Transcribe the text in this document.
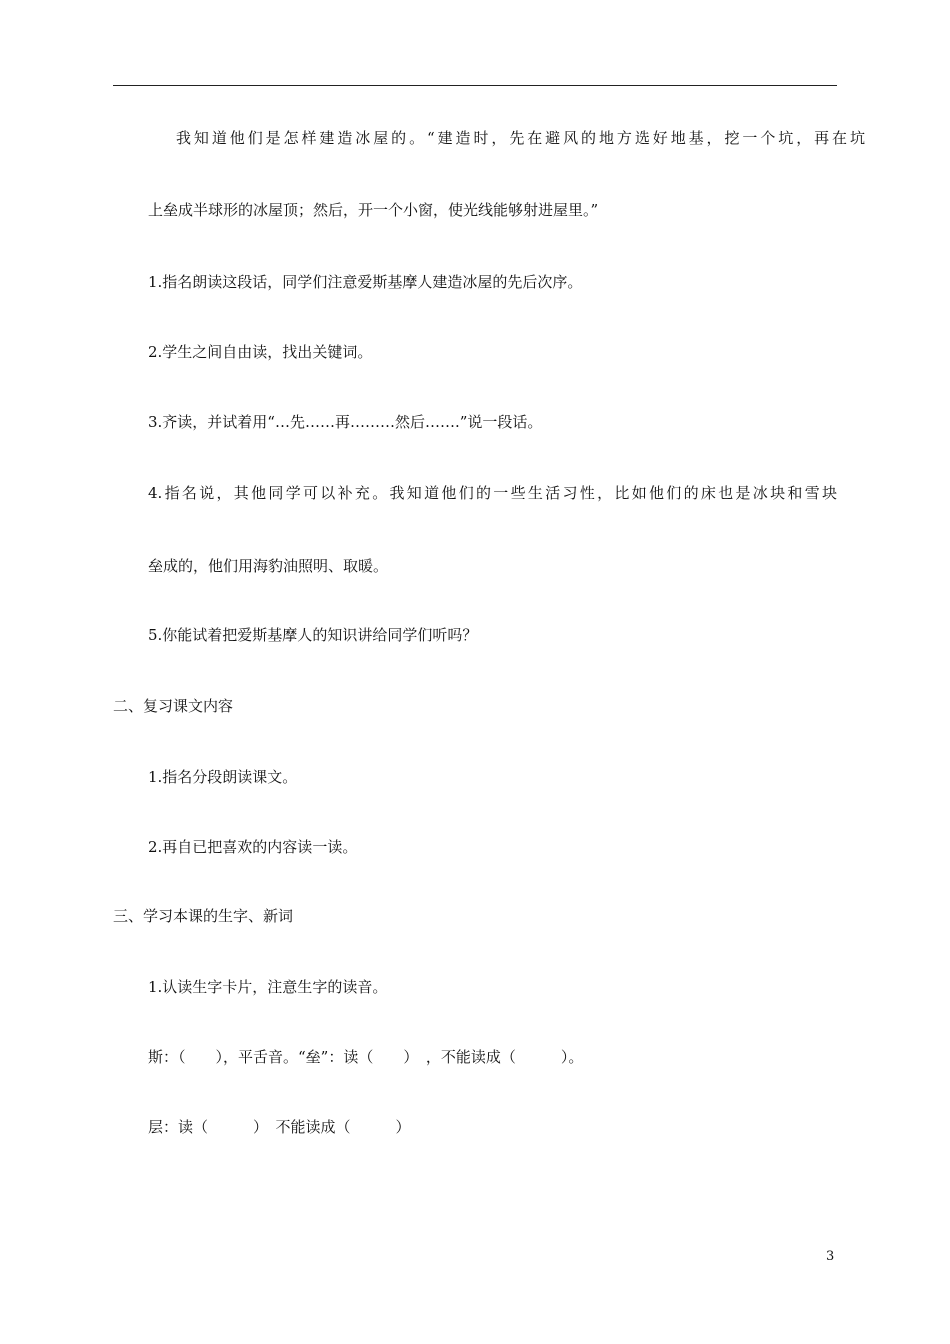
我知道他们是怎样建造冰屋的。“建造时，先在避风的地方选好地基，挖一个坑，再在坑
上垒成半球形的冰屋顶；然后，开一个小窗，使光线能够射进屋里。”
1.指名朗读这段话，同学们注意爱斯基摩人建造冰屋的先后次序。
2.学生之间自由读，找出关键词。
3.齐读，并试着用“…先……再………然后…….”说一段话。
4.指名说，其他同学可以补充。我知道他们的一些生活习性，比如他们的床也是冰块和雪块
垒成的，他们用海豹油照明、取暖。
5.你能试着把爱斯基摩人的知识讲给同学们听吗？
二、复习课文内容
1.指名分段朗读课文。
2.再自已把喜欢的内容读一读。
三、学习本课的生字、新词
1.认读生字卡片，注意生字的读音。
斯：（　　），平舌音。“垒”：读（　　）　，不能读成（　　　）。
层：读（　　　）　不能读成（　　　）
3
